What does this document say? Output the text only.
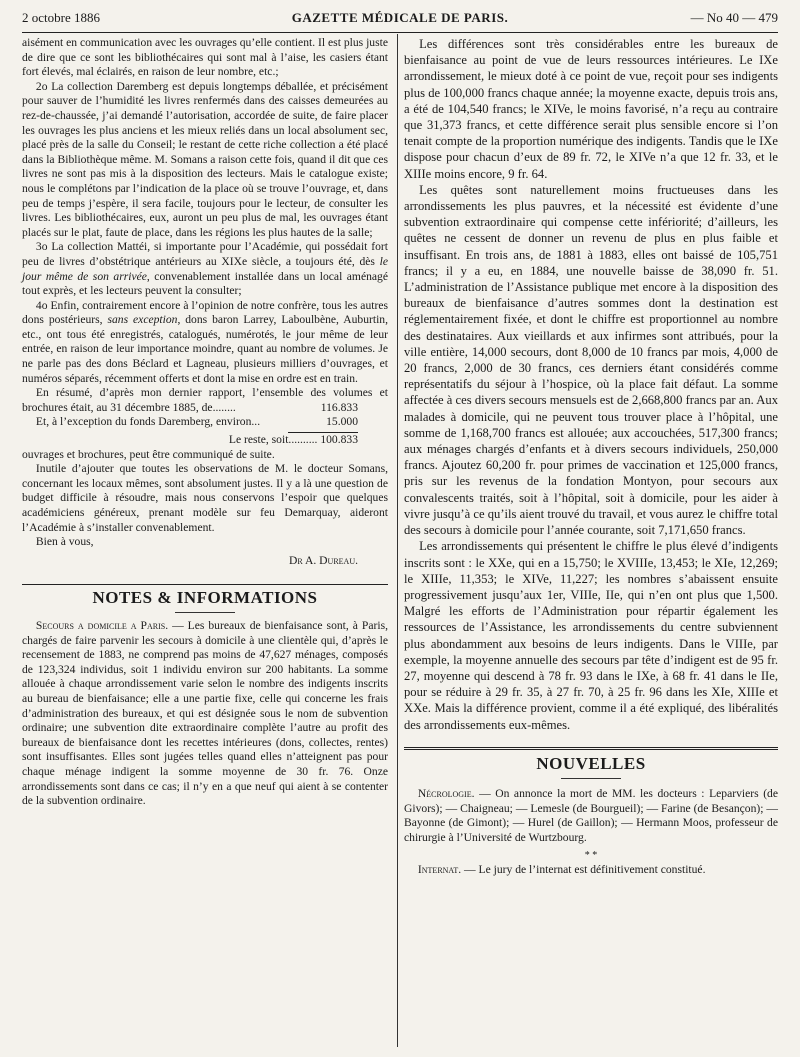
2 octobre 1886	GAZETTE MÉDICALE DE PARIS.	— No 40 — 479

aisément en communication avec les ouvrages qu’elle contient. Il est plus juste de dire que ce sont les bibliothécaires qui sont mal à l’aise, les casiers étant fort élevés, mal éclairés, en raison de leur nombre, etc.;

2o La collection Daremberg est depuis longtemps déballée, et précisément pour sauver de l’humidité les livres renfermés dans des caisses demeurées au rez-de-chaussée, j’ai demandé l’autorisation, accordée de suite, de faire placer les ouvrages les plus anciens et les mieux reliés dans un local absolument sec, placé près de la salle du Conseil; le restant de cette riche collection a été placé dans la Bibliothèque même. M. Somans a raison cette fois, quand il dit que ces livres ne sont pas mis à la disposition des lecteurs. Mais le catalogue existe; nous le complétons par l’indication de la place où se trouve l’ouvrage, et, dans peu de temps j’espère, il sera facile, toujours pour le lecteur, de consulter les livres. Les bibliothécaires, eux, auront un peu plus de mal, les ouvrages étant placés sur le plat, faute de place, dans les régions les plus hautes de la salle;

3o La collection Mattéi, si importante pour l’Académie, qui possédait fort peu de livres d’obstétrique antérieurs au XIXe siècle, a toujours été, dès le jour même de son arrivée, convenablement installée dans un local aménagé tout exprès, et les lecteurs peuvent la consulter;

4o Enfin, contrairement encore à l’opinion de notre confrère, tous les autres dons postérieurs, sans exception, dons baron Larrey, Laboulbène, Auburtin, etc., ont tous été enregistrés, catalogués, numérotés, le jour même de leur entrée, en raison de leur importance moindre, quant au nombre de volumes. Je ne parle pas des dons Béclard et Lagneau, plusieurs milliers d’ouvrages, et numéros séparés, récemment offerts et dont la mise en ordre est en train.

En résumé, d’après mon dernier rapport, l’ensemble des volumes et brochures était, au 31 décembre 1885, de........	116.833

Et, à l’exception du fonds Daremberg, environ...	15.000

Le reste, soit.......... 100.833

ouvrages et brochures, peut être communiqué de suite.

Inutile d’ajouter que toutes les observations de M. le docteur Somans, concernant les locaux mêmes, sont absolument justes. Il y a là une question de budget difficile à résoudre, mais nous conservons l’espoir que quelques académiciens généreux, prenant modèle sur feu Demarquay, aideront l’Académie à s’installer convenablement.

Bien à vous,

Dr A. Dureau.
NOTES & INFORMATIONS

Secours a domicile a Paris. — Les bureaux de bienfaisance sont, à Paris, chargés de faire parvenir les secours à domicile à une clientèle qui, d’après le recensement de 1883, ne comprend pas moins de 47,627 ménages, composés de 123,324 individus, soit 1 individu environ sur 200 habitants. La somme allouée à chaque arrondissement varie selon le nombre des indigents inscrits au bureau de bienfaisance; elle a une partie fixe, celle qui concerne les frais d’administration des bureaux, et qui est désignée sous le nom de subvention ordinaire; une subvention dite extraordinaire complète l’autre au profit des bureaux de bienfaisance dont les recettes intérieures (dons, collectes, rentes) sont insuffisantes. Elles sont jugées telles quand elles n’atteignent pas pour chaque ménage indigent la somme moyenne de 30 fr. 76. Onze arrondissements sont dans ce cas; il n’y en a que neuf qui aient à se contenter de la subvention ordinaire.

Les différences sont très considérables entre les bureaux de bienfaisance au point de vue de leurs ressources intérieures. Le IXe arrondissement, le mieux doté à ce point de vue, reçoit pour ses indigents plus de 100,000 francs chaque année; la moyenne exacte, depuis trois ans, a été de 104,540 francs; le XIVe, le moins favorisé, n’a reçu au contraire que 31,373 francs, et cette différence serait plus sensible encore si l’on tenait compte de la proportion numérique des indigents. Tandis que le IXe dispose pour chacun d’eux de 89 fr. 72, le XIVe n’a que 12 fr. 33, et le XIIIe moins encore, 9 fr. 64.

Les quêtes sont naturellement moins fructueuses dans les arrondissements les plus pauvres, et la nécessité est évidente d’une subvention extraordinaire qui compense cette infériorité; d’ailleurs, les quêtes ne cessent de donner un revenu de plus en plus faible et insuffisant. En trois ans, de 1881 à 1883, elles ont baissé de 105,751 francs; il y a eu, en 1884, une nouvelle baisse de 38,090 fr. 51. L’administration de l’Assistance publique met encore à la disposition des bureaux de bienfaisance d’autres sommes dont la destination est réglementairement fixée, et dont le chiffre est proportionnel au nombre des destinataires. Aux vieillards et aux infirmes sont attribués, pour la ville entière, 14,000 secours, dont 8,000 de 10 francs par mois, 4,000 de 20 francs, 2,000 de 30 francs, ces derniers étant considérés comme représentatifs du séjour à l’hospice, où la place fait défaut. La somme affectée à ces divers secours mensuels est de 2,668,800 francs par an. Aux malades à domicile, qui ne peuvent tous trouver place à l’hôpital, une somme de 1,168,700 francs est allouée; aux accouchées, 517,300 francs; aux ménages chargés d’enfants et à divers secours individuels, 250,000 francs. Ajoutez 60,200 fr. pour primes de vaccination et 125,000 francs, pris sur les revenus de la fondation Montyon, pour secours aux convalescents traités, soit à l’hôpital, soit à domicile, pour les aider à vivre jusqu’à ce qu’ils aient trouvé du travail, et vous aurez le chiffre total des secours à domicile pour l’année courante, soit 7,171,650 francs.

Les arrondissements qui présentent le chiffre le plus élevé d’indigents inscrits sont : le XXe, qui en a 15,750; le XVIIIe, 13,453; le XIe, 12,269; le XIIIe, 11,353; le XIVe, 11,227; les nombres s’abaissent ensuite progressivement jusqu’aux 1er, VIIIe, IIe, qui n’en ont plus que 1,500. Malgré les efforts de l’Administration pour répartir également les ressources de l’Assistance, les arrondissements du centre subviennent plus abondamment aux besoins de leurs indigents. Dans le VIIIe, par exemple, la moyenne annuelle des secours par tête d’indigent est de 95 fr. 27, moyenne qui descend à 78 fr. 93 dans le IXe, à 68 fr. 41 dans le IIe, pour se réduire à 29 fr. 35, à 27 fr. 70, à 25 fr. 96 dans les XIe, XIIIe et XXe. Mais la différence provient, comme il a été expliqué, des libéralités des arrondissements eux-mêmes.

NOUVELLES

Nécrologie. — On annonce la mort de MM. les docteurs : Leparviers (de Givors); — Chaigneau; — Lemesle (de Bourgueil); — Farine (de Besançon); — Bayonne (de Gimont); — Hurel (de Gaillon); — Hermann Moos, professeur de chirurgie à l’Université de Wurtzbourg.

* *

Internat. — Le jury de l’internat est définitivement constitué.
